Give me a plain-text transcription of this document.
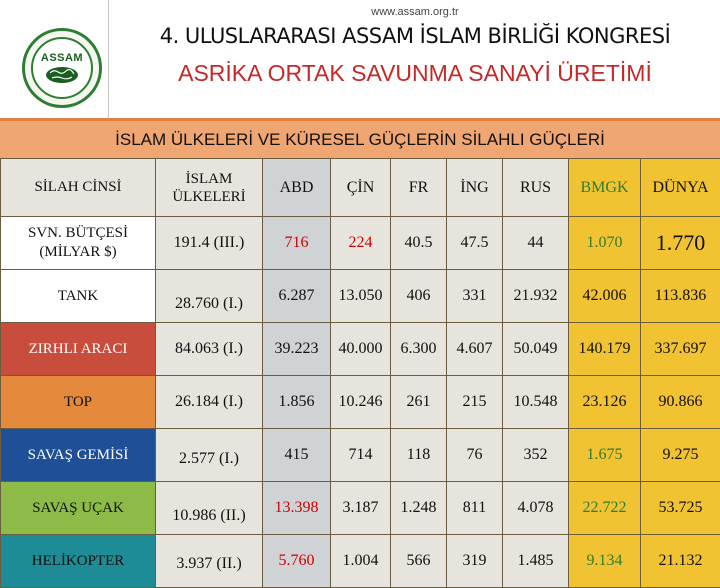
ASSAM
www.assam.org.tr
4. ULUSLARARASI ASSAM İSLAM BİRLİĞİ KONGRESİ
ASRİKA ORTAK SAVUNMA SANAYİ ÜRETİMİ
İSLAM ÜLKELERİ VE KÜRESEL GÜÇLERİN SİLAHLI GÜÇLERİ
SİLAH CİNSİ	İSLAM ÜLKELERİ	ABD	ÇİN	FR	İNG	RUS	BMGK	DÜNYA
SVN. BÜTÇESİ (MİLYAR $)	191.4 (III.)	716	224	40.5	47.5	44	1.070	1.770
TANK	28.760 (I.)	6.287	13.050	406	331	21.932	42.006	113.836
ZIRHLI ARACI	84.063 (I.)	39.223	40.000	6.300	4.607	50.049	140.179	337.697
TOP	26.184 (I.)	1.856	10.246	261	215	10.548	23.126	90.866
SAVAŞ GEMİSİ	2.577 (I.)	415	714	118	76	352	1.675	9.275
SAVAŞ UÇAK	10.986 (II.)	13.398	3.187	1.248	811	4.078	22.722	53.725
HELİKOPTER	3.937 (II.)	5.760	1.004	566	319	1.485	9.134	21.132
